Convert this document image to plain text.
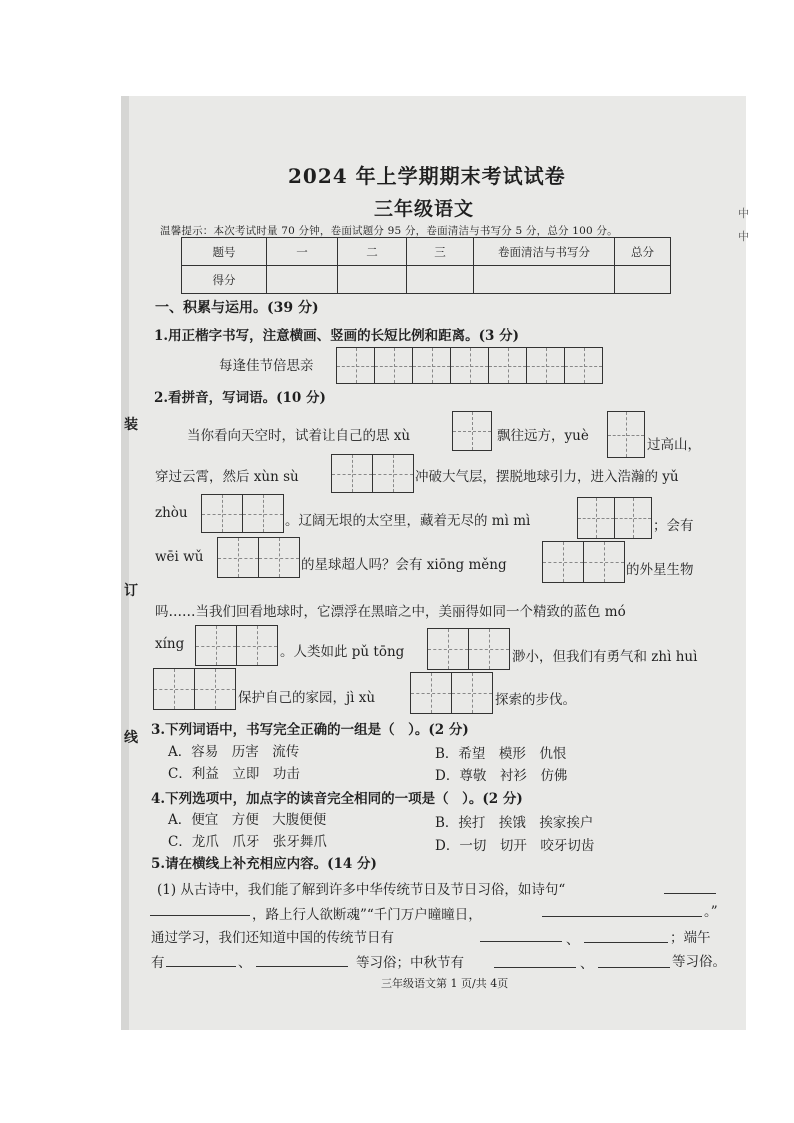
装
订
线
中
中
2024 年上学期期末考试试卷
三年级语文
温馨提示：本次考试时量 70 分钟，卷面试题分 95 分，卷面清洁与书写分 5 分，总分 100 分。
题号	一	二	三	卷面清洁与书写分	总分
得分					
一、积累与运用。(39 分)
1.用正楷字书写，注意横画、竖画的长短比例和距离。(3 分)
每逢佳节倍思亲
2.看拼音，写词语。(10 分)
当你看向天空时，试着让自己的思 xù	飘往远方，yuè
过高山，
穿过云霄，然后 xùn sù	冲破大气层，摆脱地球引力，进入浩瀚的 yǔ
zhòu	。辽阔无垠的太空里，藏着无尽的 mì mì	；会有
wēi wǔ	的星球超人吗？会有 xiōng měng	的外星生物
吗……当我们回看地球时，它漂浮在黑暗之中，美丽得如同一个精致的蓝色 mó
xíng	。人类如此 pǔ tōng	渺小，但我们有勇气和 zhì huì
保护自己的家园，jì xù	探索的步伐。
3.下列词语中，书写完全正确的一组是（　）。(2 分)
A．容易　历害　流传	B．希望　模形　仇恨
C．利益　立即　功击	D．尊敬　衬衫　仿佛
4.下列选项中，加点字的读音完全相同的一项是（　）。(2 分)
A．便宜　方便　大腹便便	B．挨打　挨饿　挨家挨户
C．龙爪　爪牙　张牙舞爪	D．一切　切开　咬牙切齿
5.请在横线上补充相应内容。(14 分)
(1) 从古诗中，我们能了解到许多中华传统节日及节日习俗，如诗句“
，路上行人欲断魂”“千门万户曈曈日，	。”
通过学习，我们还知道中国的传统节日有	、	；端午
有	、	等习俗；中秋节有	、	等习俗。
三年级语文第 1 页/共 4页
